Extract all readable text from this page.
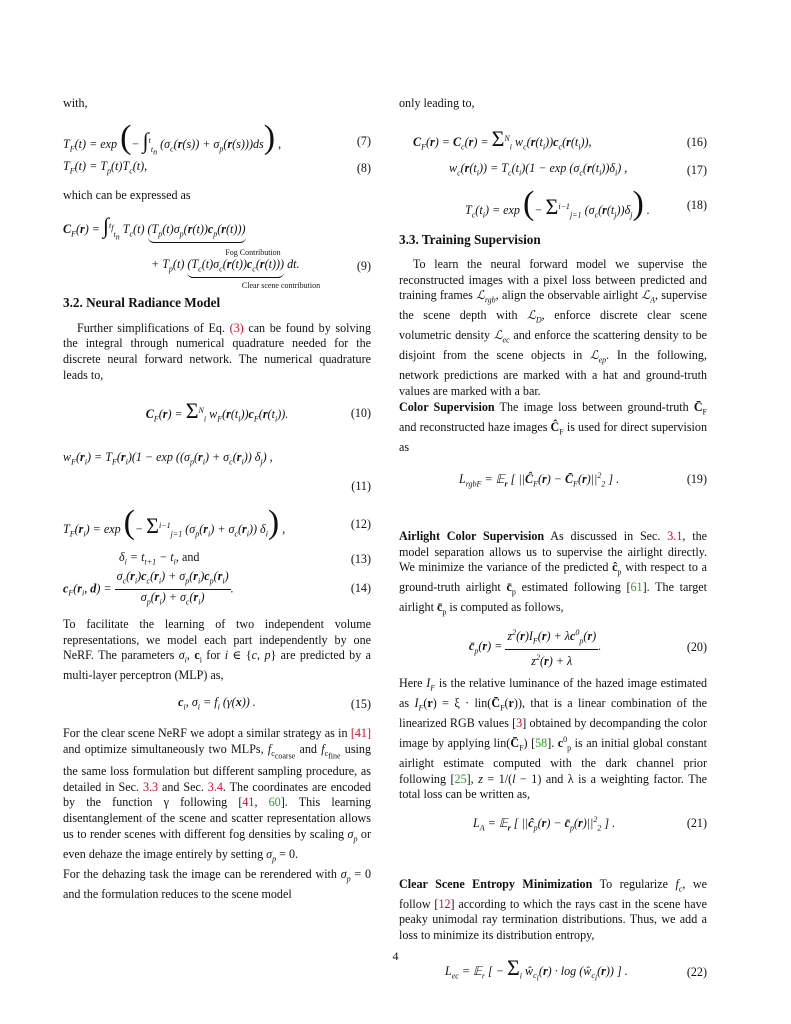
with,

$T_F(t) = \exp$ (− ∫$^t_{t_n}$ $(\sigma_c(r(s)) + \sigma_p(r(s)))ds$) ,	(7)
$T_F(t) = T_p(t)T_c(t)$,	(8)

which can be expressed as

$C_F(r) = \int^{t_f}_{t_n}$ $T_c(t)$ $(T_p(t)\sigma_p(r(t))c_p(r(t)))$
Fog Contribution
+ $T_p(t)$ $(T_c(t)\sigma_c(r(t))c_c(r(t)))$ dt.
Clear scene contribution
(9)
3.2. Neural Radiance Model

Further simplifications of Eq. (3) can be found by solving the integral through numerical quadrature needed for the discrete neural forward network. The numerical quadrature leads to,

$C_F(r) = \Sigma^N_i$ $w_F(r(t_i))c_F(r(t_i))$.	(10)
$w_F(r_i) = T_F(r_i)(1 - \exp ((\sigma_p(r_i) + \sigma_c(r_i))$ $\delta_j$) ,
(11)
$T_F(r_i) = \exp$ (− $\Sigma^{i-1}_{j=1}$ $(\sigma_p(r_i) + \sigma_c(r_i))$ $\delta_i$) ,	(12)
$\delta_i = t_{t+1} - t_i$, and	(13)
$c_F(r_i$, $d) = \frac{\sigma_c(r_i)c_c(r_i) + \sigma_p(r_i)c_p(r_i)}{\sigma_p(r_i) + \sigma_c(r_i)}$ .	(14)

To facilitate the learning of two independent volume representations, we model each part independently by one NeRF. The parameters $\sigma_i$, $c_i$ for i ∈ {c, p} are predicted by a multi-layer perceptron (MLP) as,

$c_i$, $\sigma_i = f_i$ (γ(x)) .	(15)

For the clear scene NeRF we adopt a similar strategy as in [41] and optimize simultaneously two MLPs, $f_{c_{coarse}}$ and $f_{c_{fine}}$ using the same loss formulation but different sampling procedure, as detailed in Sec. 3.3 and Sec. 3.4. The coordinates are encoded by the function γ following [41, 60]. This learning disentanglement of the scene and scatter representation allows us to render scenes with different fog densities by scaling $\sigma_p$ or even dehaze the image entirely by setting $\sigma_p = 0$.

For the dehazing task the image can be rerendered with $\sigma_p = 0$ and the formulation reduces to the scene model

only leading to,

$C_F(r) = C_c(r) = \Sigma^N_i$ $w_c(r(t_i))c_c(r(t_i))$,	(16)
$w_c(r(t_i)) = T_c(t_i)(1 - \exp (\sigma_c(r(t_i))\delta_i)$ ,	(17)
$T_c(t_i) = \exp$ (− $\Sigma^{i-1}_{j=1}$ $(\sigma_c(r(t_j))\delta_j)$ .	(18)
3.3. Training Supervision

To learn the neural forward model we supervise the reconstructed images with a pixel loss between predicted and training frames ℒ$_{rgb}$, align the observable airlight ℒ$_A$, supervise the scene depth with ℒ$_D$, enforce discrete clear scene volumetric density ℒ$_{ec}$ and enforce the scattering density to be disjoint from the scene objects in ℒ$_{ep}$. In the following, network predictions are marked with a hat and ground-truth values are marked with a bar.

Color Supervision The image loss between ground-truth $C̄_F$ and reconstructed haze images $Ĉ_F$ is used for direct supervision as

$L_{rgbF}$ = 𝔼$_r$ [ $||Ĉ_F(r)$ − $C̄_F(r)||^2_2$ ] .	(19)

Airlight Color Supervision As discussed in Sec. 3.1, the model separation allows us to supervise the airlight directly. We minimize the variance of the predicted $ĉ_p$ with respect to a ground-truth airlight $c̄_p$ estimated following [61]. The target airlight $c̄_p$ is computed as follows,

$c̄_p(r) = \frac{z^2(r)I_F(r) + \lambda c^0_p(r)}{z^2(r) + \lambda}$ .	(20)

Here $I_F$ is the relative luminance of the hazed image estimated as $I_F(r) = \xi$ · $lin(C̄_F(r))$, that is a linear combination of the linearized RGB values [3] obtained by decompanding the color image by applying $lin(C̄_F)$ [58]. $c^0_p$ is an initial global constant airlight estimate computed with the dark channel prior following [25], z = 1/(l − 1) and λ is a weighting factor. The total loss can be written as,

$L_A$ = 𝔼$_r$ [ $||ĉ_p(r)$ − $c̄_p(r)||^2_2$ ] .	(21)

Clear Scene Entropy Minimization To regularize $f_c$, we follow [12] according to which the rays cast in the scene have peaky unimodal ray termination distributions. Thus, we add a loss to minimize its distribution entropy,

$L_{ec}$ = 𝔼$_r$ [ − $\Sigma_i$ $ŵ_{c_i}(r) \cdot \log$ $(ŵ_{c_i}(r))$ ] .	(22)
4
